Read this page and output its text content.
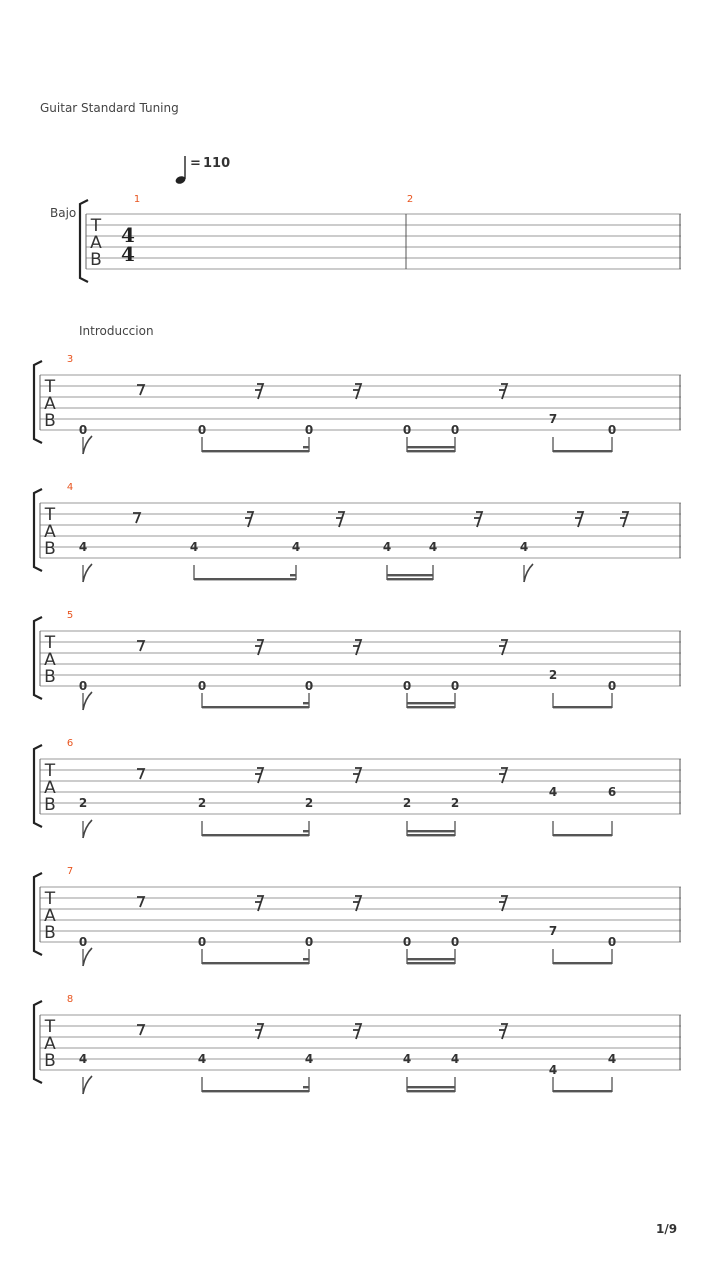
Guitar Standard Tuning
= 110
Bajo
Introduccion
T
A
B
4
4
1	2
T
A
B
3
0	0	0	0	0
7
0
T
A
B
4
4	4	4	4	4	4
T
A
B
5
0	0	0	0	0
2
0
T
A
B
6
2	2	2	2	2
4	6
T
A
B
7
0	0	0	0	0
7
0
T
A
B
8
4	4	4	4	4
4
4
1/9
